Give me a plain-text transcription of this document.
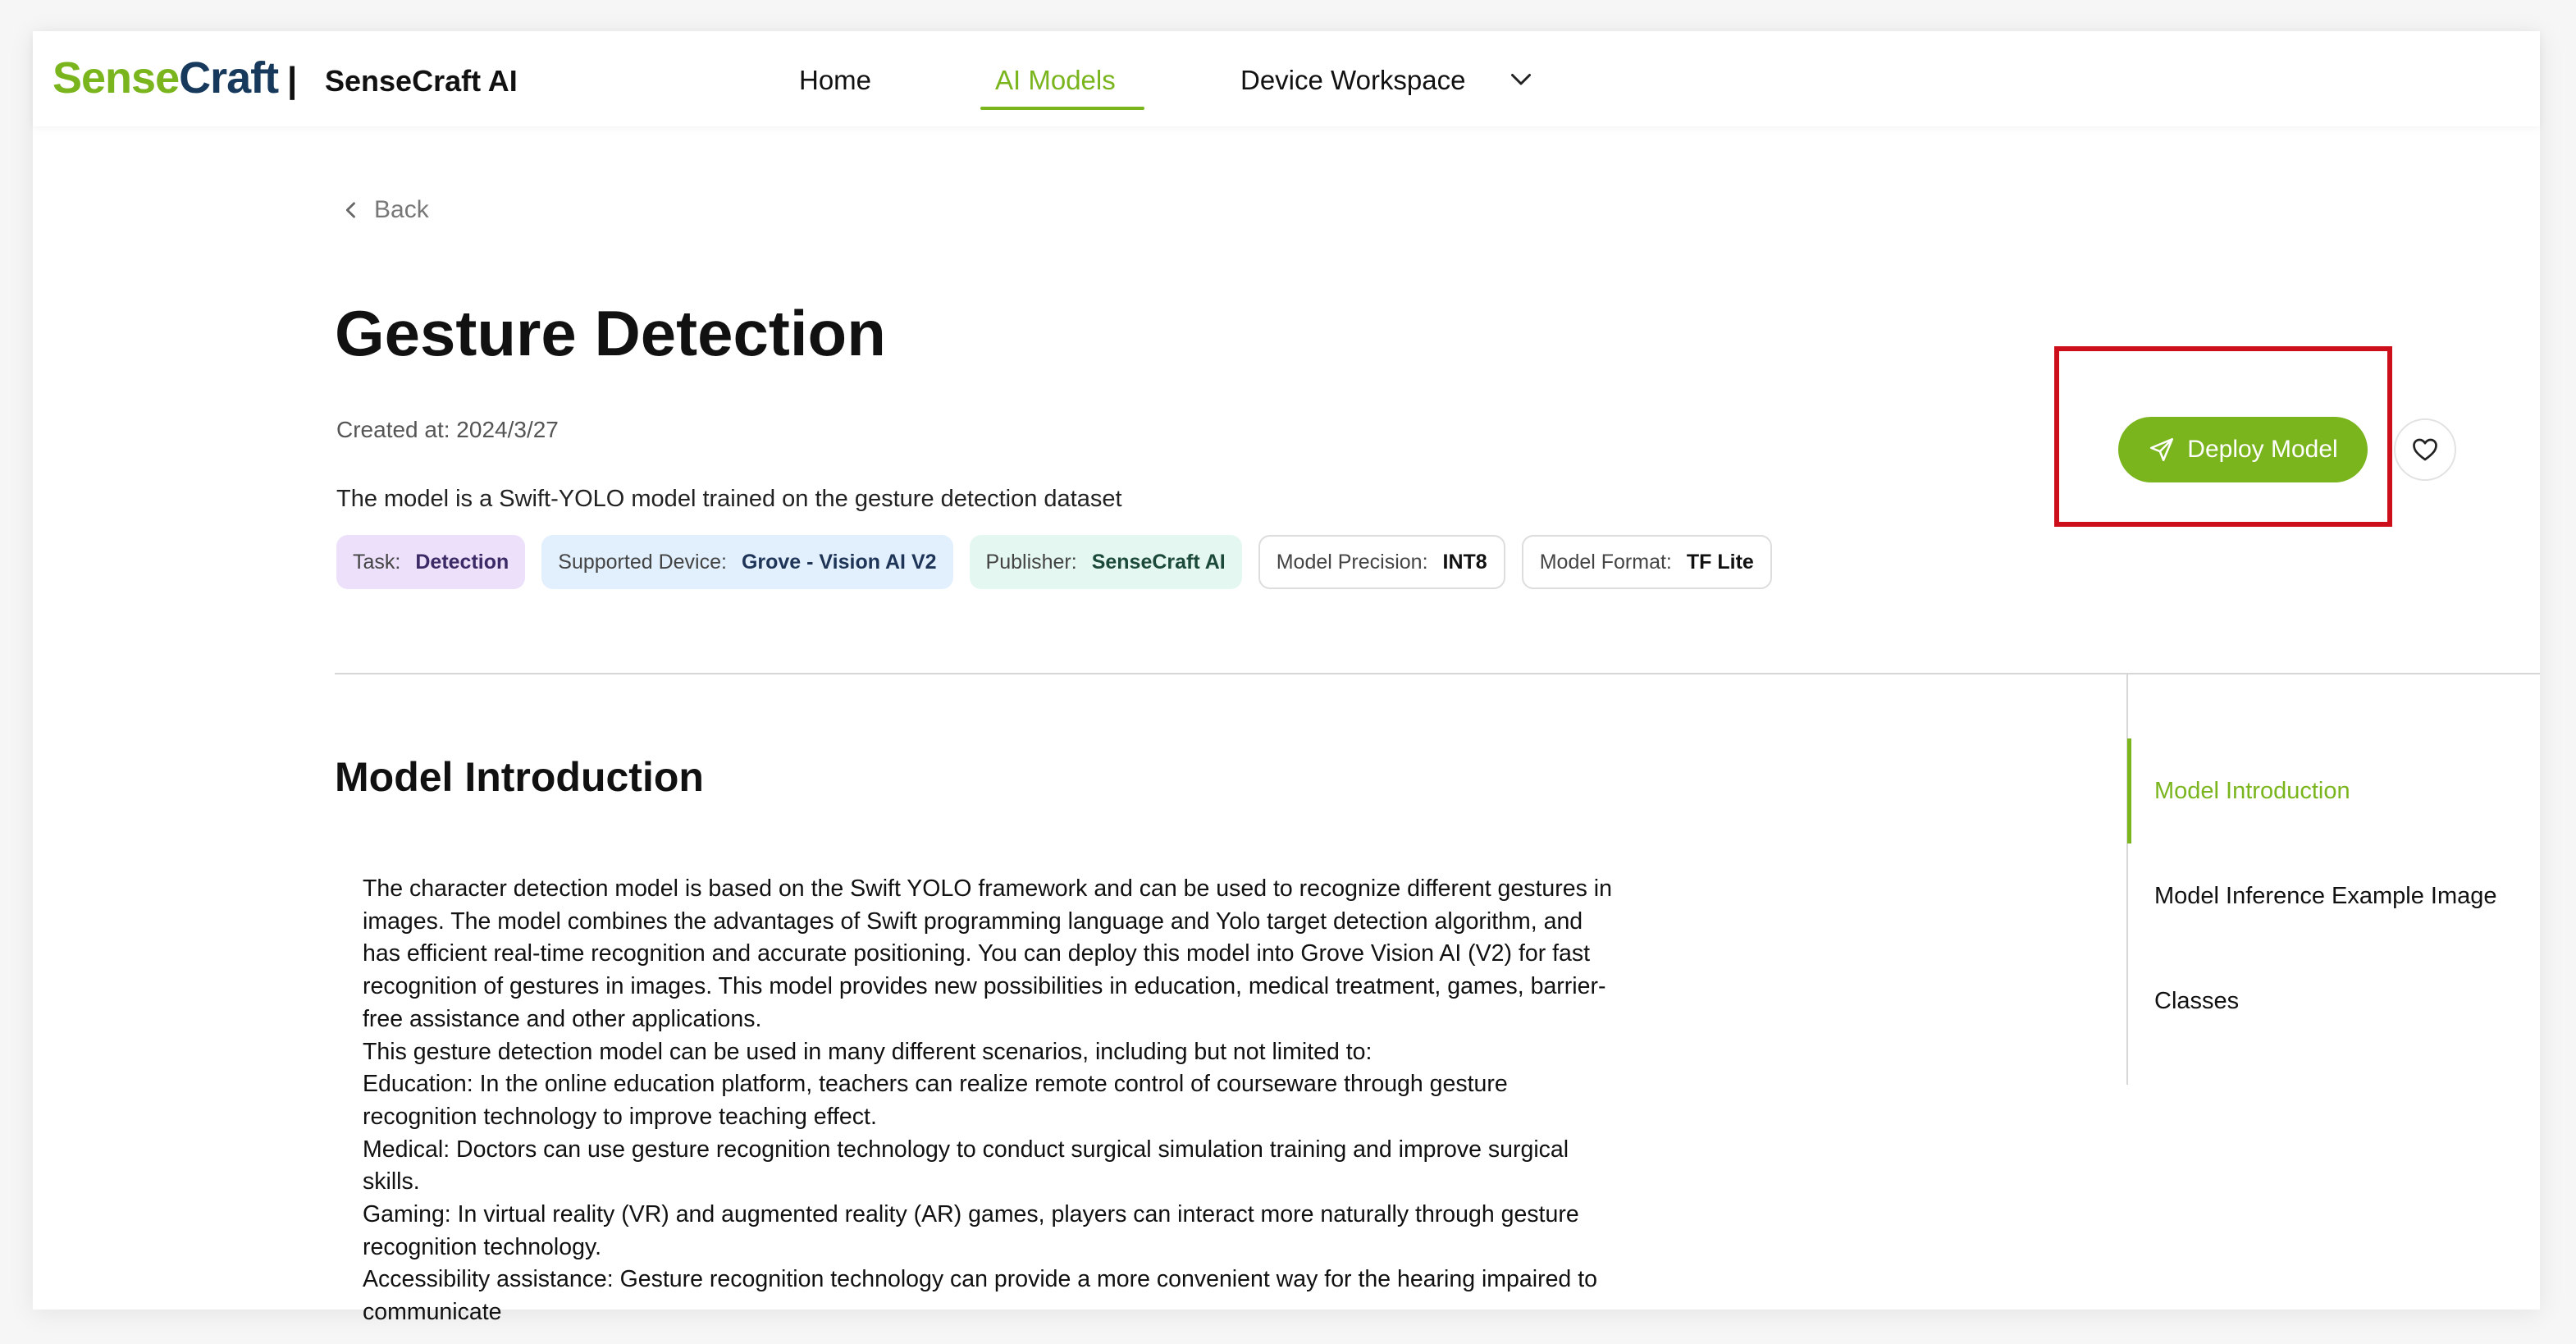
SenseCraft | SenseCraft AI	Home	AI Models	Device Workspace
Back
Gesture Detection
Created at: 2024/3/27
The model is a Swift-YOLO model trained on the gesture detection dataset
Task: Detection Supported Device: Grove - Vision AI V2 Publisher: SenseCraft AI Model Precision: INT8	Model Format: TF Lite
Deploy Model
Model Introduction

The character detection model is based on the Swift YOLO framework and can be used to recognize different gestures in

images. The model combines the advantages of Swift programming language and Yolo target detection algorithm, and

has efficient real-time recognition and accurate positioning. You can deploy this model into Grove Vision AI (V2) for fast

recognition of gestures in images. This model provides new possibilities in education, medical treatment, games, barrier-

free assistance and other applications.

This gesture detection model can be used in many different scenarios, including but not limited to:

Education: In the online education platform, teachers can realize remote control of courseware through gesture

recognition technology to improve teaching effect.

Medical: Doctors can use gesture recognition technology to conduct surgical simulation training and improve surgical

skills.

Gaming: In virtual reality (VR) and augmented reality (AR) games, players can interact more naturally through gesture

recognition technology.

Accessibility assistance: Gesture recognition technology can provide a more convenient way for the hearing impaired to

communicate

Model Introduction
Model Inference Example Image
Classes
